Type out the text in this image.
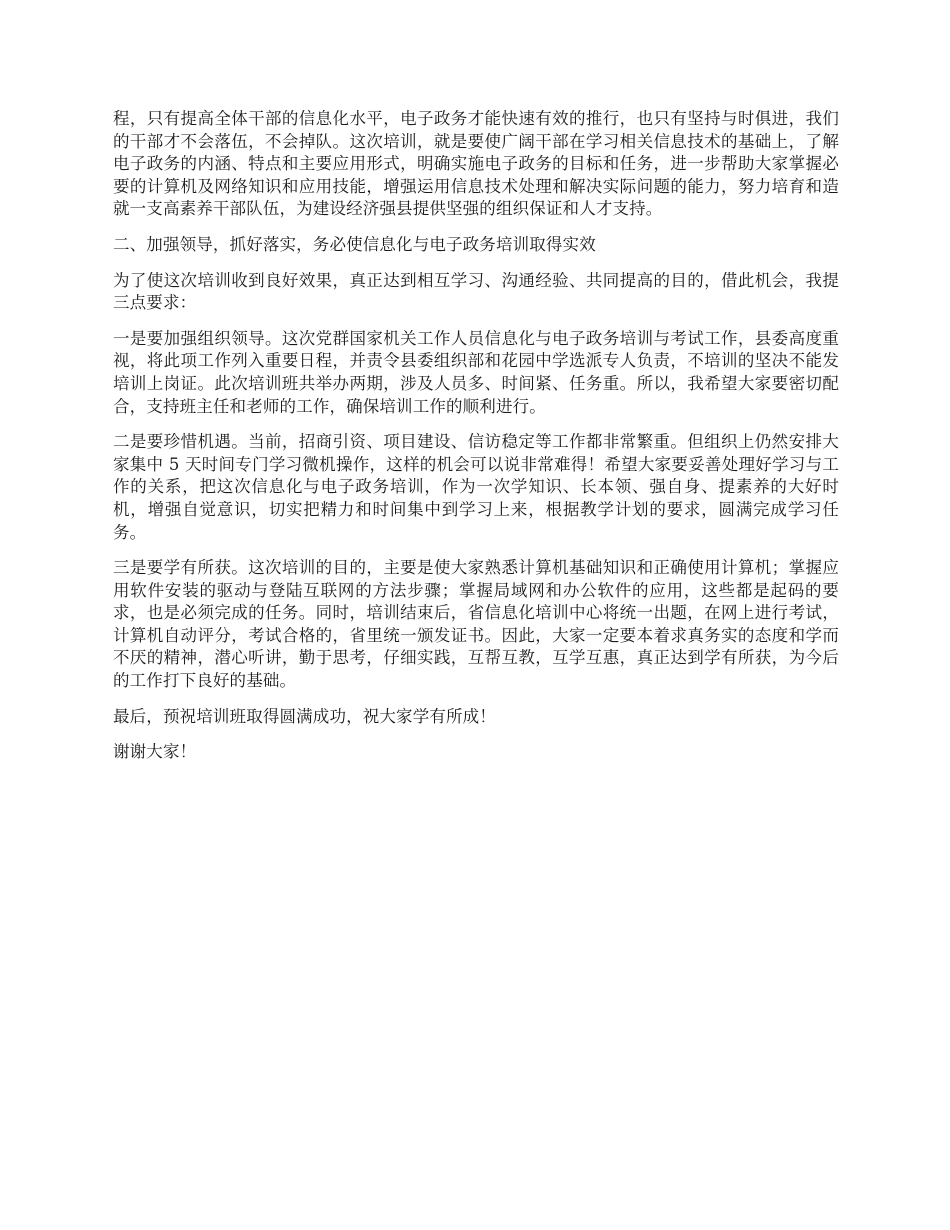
程，只有提高全体干部的信息化水平，电子政务才能快速有效的推行，也只有坚持与时俱进，我们的干部才不会落伍，不会掉队。这次培训，就是要使广阔干部在学习相关信息技术的基础上，了解电子政务的内涵、特点和主要应用形式，明确实施电子政务的目标和任务，进一步帮助大家掌握必要的计算机及网络知识和应用技能，增强运用信息技术处理和解决实际问题的能力，努力培育和造就一支高素养干部队伍，为建设经济强县提供坚强的组织保证和人才支持。

二、加强领导，抓好落实，务必使信息化与电子政务培训取得实效

为了使这次培训收到良好效果，真正达到相互学习、沟通经验、共同提高的目的，借此机会，我提三点要求：

一是要加强组织领导。这次党群国家机关工作人员信息化与电子政务培训与考试工作，县委高度重视，将此项工作列入重要日程，并责令县委组织部和花园中学选派专人负责，不培训的坚决不能发培训上岗证。此次培训班共举办两期，涉及人员多、时间紧、任务重。所以，我希望大家要密切配合，支持班主任和老师的工作，确保培训工作的顺利进行。

二是要珍惜机遇。当前，招商引资、项目建设、信访稳定等工作都非常繁重。但组织上仍然安排大家集中 5 天时间专门学习微机操作，这样的机会可以说非常难得！希望大家要妥善处理好学习与工作的关系，把这次信息化与电子政务培训，作为一次学知识、长本领、强自身、提素养的大好时机，增强自觉意识，切实把精力和时间集中到学习上来，根据教学计划的要求，圆满完成学习任务。

三是要学有所获。这次培训的目的，主要是使大家熟悉计算机基础知识和正确使用计算机；掌握应用软件安装的驱动与登陆互联网的方法步骤；掌握局域网和办公软件的应用，这些都是起码的要求，也是必须完成的任务。同时，培训结束后，省信息化培训中心将统一出题，在网上进行考试，计算机自动评分，考试合格的，省里统一颁发证书。因此，大家一定要本着求真务实的态度和学而不厌的精神，潜心听讲，勤于思考，仔细实践，互帮互教，互学互惠，真正达到学有所获，为今后的工作打下良好的基础。

最后，预祝培训班取得圆满成功，祝大家学有所成！

谢谢大家！
